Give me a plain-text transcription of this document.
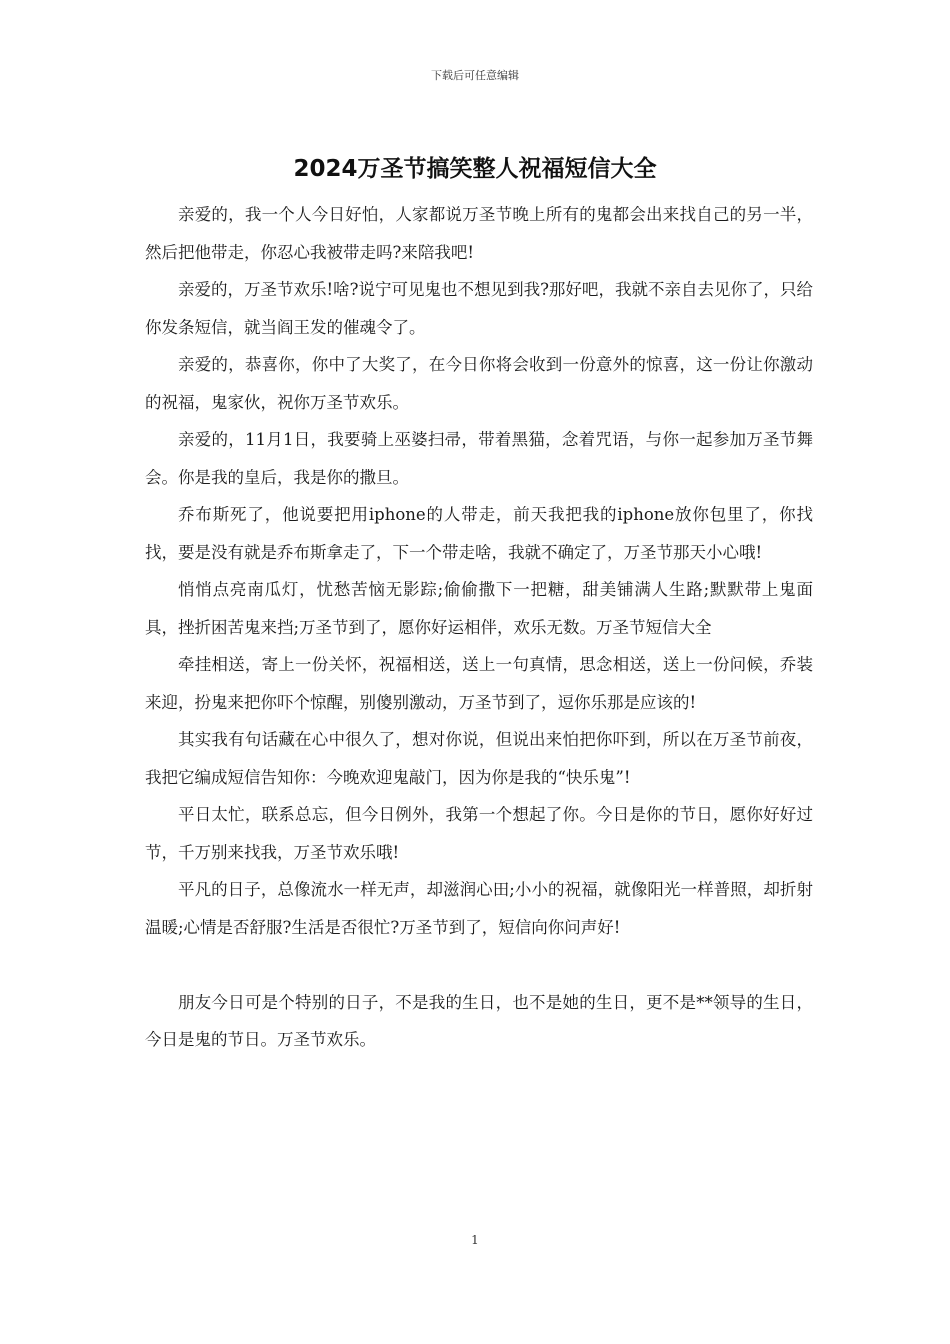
下载后可任意编辑
2024万圣节搞笑整人祝福短信大全

亲爱的，我一个人今日好怕，人家都说万圣节晚上所有的鬼都会出来找自己的另一半，然后把他带走，你忍心我被带走吗?来陪我吧!

亲爱的，万圣节欢乐!啥?说宁可见鬼也不想见到我?那好吧，我就不亲自去见你了，只给你发条短信，就当阎王发的催魂令了。

亲爱的，恭喜你，你中了大奖了，在今日你将会收到一份意外的惊喜，这一份让你激动的祝福，鬼家伙，祝你万圣节欢乐。

亲爱的，11月1日，我要骑上巫婆扫帚，带着黑猫，念着咒语，与你一起参加万圣节舞会。你是我的皇后，我是你的撒旦。

乔布斯死了，他说要把用iphone的人带走，前天我把我的iphone放你包里了，你找找，要是没有就是乔布斯拿走了，下一个带走啥，我就不确定了，万圣节那天小心哦!

悄悄点亮南瓜灯，忧愁苦恼无影踪;偷偷撒下一把糖，甜美铺满人生路;默默带上鬼面具，挫折困苦鬼来挡;万圣节到了，愿你好运相伴，欢乐无数。万圣节短信大全

牵挂相送，寄上一份关怀，祝福相送，送上一句真情，思念相送，送上一份问候，乔装来迎，扮鬼来把你吓个惊醒，别傻别激动，万圣节到了，逗你乐那是应该的!

其实我有句话藏在心中很久了，想对你说，但说出来怕把你吓到，所以在万圣节前夜，我把它编成短信告知你：今晚欢迎鬼敲门，因为你是我的“快乐鬼”!

平日太忙，联系总忘，但今日例外，我第一个想起了你。今日是你的节日，愿你好好过节，千万别来找我，万圣节欢乐哦!

平凡的日子，总像流水一样无声，却滋润心田;小小的祝福，就像阳光一样普照，却折射温暖;心情是否舒服?生活是否很忙?万圣节到了，短信向你问声好!

朋友今日可是个特别的日子，不是我的生日，也不是她的生日，更不是**领导的生日，今日是鬼的节日。万圣节欢乐。

1
